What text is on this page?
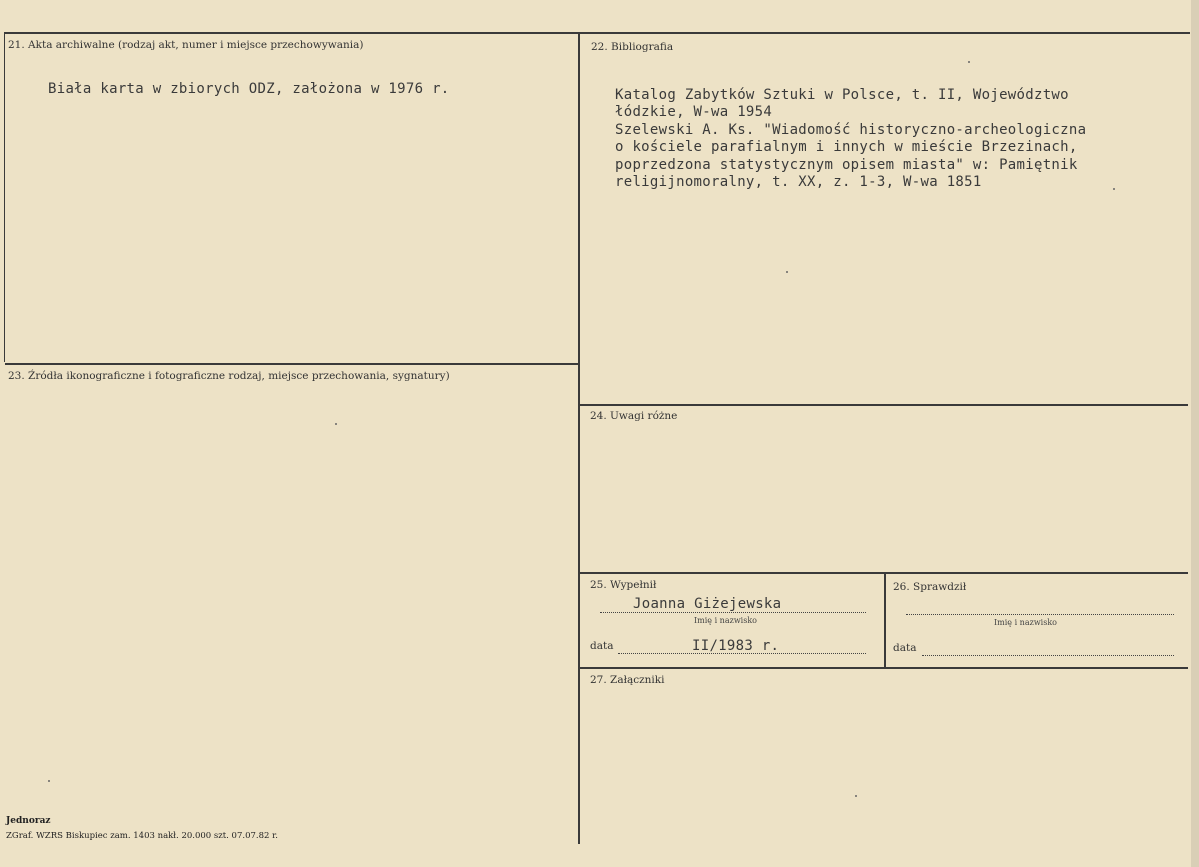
21. Akta archiwalne (rodzaj akt, numer i miejsce przechowywania)
Biała karta w zbiorych ODZ, założona w 1976 r.
22. Bibliografia
Katalog Zabytków Sztuki w Polsce, t. II, Województwo
łódzkie, W-wa 1954
Szelewski A. Ks. "Wiadomość historyczno-archeologiczna
o kościele parafialnym i innych w mieście Brzezinach,
poprzedzona statystycznym opisem miasta" w: Pamiętnik
religijnomoralny, t. XX, z. 1-3, W-wa 1851
23. Źródła ikonograficzne i fotograficzne rodzaj, miejsce przechowania, sygnatury)
24. Uwagi różne
25. Wypełnił
Joanna Giżejewska
Imię i nazwisko
data	II/1983 r.
26. Sprawdził
Imię i nazwisko
data
27. Załączniki
Jednoraz
ZGraf. WZRS Biskupiec zam. 1403 nakł. 20.000 szt. 07.07.82 r.
